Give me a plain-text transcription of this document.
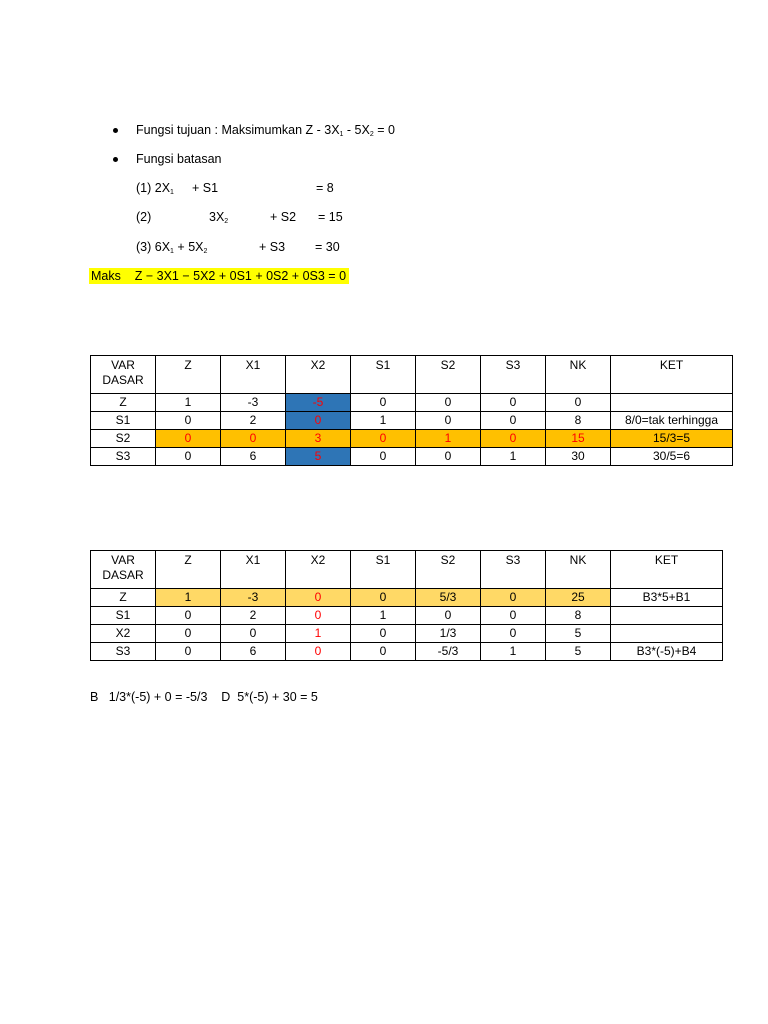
Fungsi tujuan : Maksimumkan $Z - 3X_1 - 5X_2 = 0$
Fungsi batasan
(1) $2X_1 + S1$	= 8
(2)	$3X_2$	+ S2 = 15
(3) $6X_1 + 5X_2$	+ S3 = 30
Maks    Z − 3X1 − 5X2 + 0S1 + 0S2 + 0S3 = 0
VAR DASAR	Z	X1	X2	S1	S2	S3	NK	KET
Z	1	-3	-5	0	0	0	0	
S1	0	2	0	1	0	0	8	8/0=tak terhingga
S2	0	0	3	0	1	0	15	15/3=5
S3	0	6	5	0	0	1	30	30/5=6
VAR DASAR	Z	X1	X2	S1	S2	S3	NK	KET
Z	1	-3	0	0	5/3	0	25	B3*5+B1
S1	0	2	0	1	0	0	8	
X2	0	0	1	0	1/3	0	5	
S3	0	6	0	0	-5/3	1	5	B3*(-5)+B4
B   1/3*(-5) + 0 = -5/3    D  5*(-5) + 30 = 5
